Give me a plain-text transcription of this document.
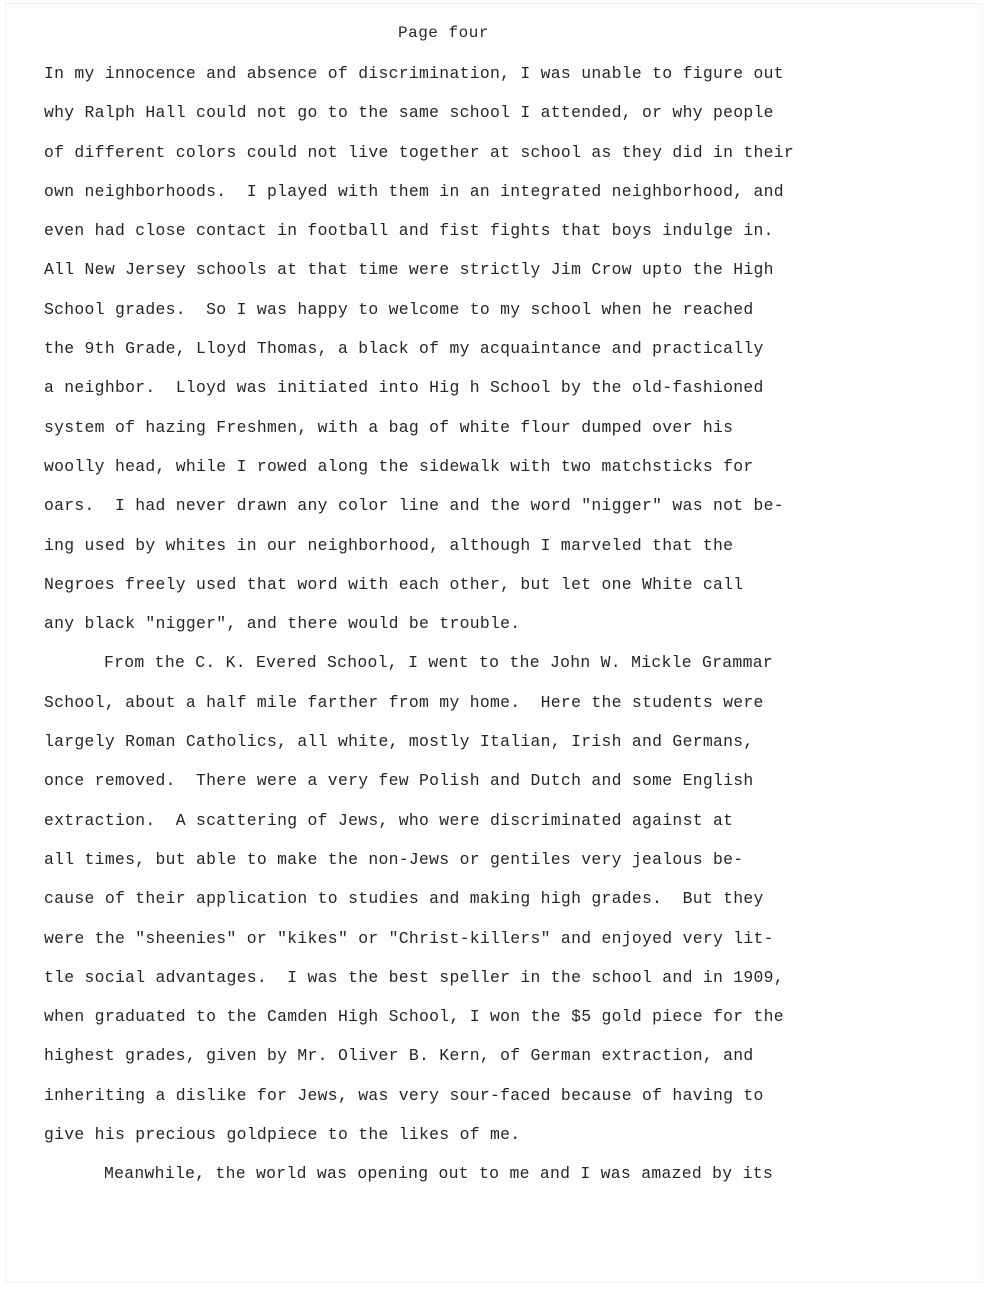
Page four
In my innocence and absence of discrimination, I was unable to figure out
why Ralph Hall could not go to the same school I attended, or why people
of different colors could not live together at school as they did in their
own neighborhoods.  I played with them in an integrated neighborhood, and
even had close contact in football and fist fights that boys indulge in.
All New Jersey schools at that time were strictly Jim Crow upto the High
School grades.  So I was happy to welcome to my school when he reached
the 9th Grade, Lloyd Thomas, a black of my acquaintance and practically
a neighbor.  Lloyd was initiated into Hig h School by the old-fashioned
system of hazing Freshmen, with a bag of white flour dumped over his
woolly head, while I rowed along the sidewalk with two matchsticks for
oars.  I had never drawn any color line and the word "nigger" was not be-
ing used by whites in our neighborhood, although I marveled that the
Negroes freely used that word with each other, but let one White call
any black "nigger", and there would be trouble.
From the C. K. Evered School, I went to the John W. Mickle Grammar
School, about a half mile farther from my home.  Here the students were
largely Roman Catholics, all white, mostly Italian, Irish and Germans,
once removed.  There were a very few Polish and Dutch and some English
extraction.  A scattering of Jews, who were discriminated against at
all times, but able to make the non-Jews or gentiles very jealous be-
cause of their application to studies and making high grades.  But they
were the "sheenies" or "kikes" or "Christ-killers" and enjoyed very lit-
tle social advantages.  I was the best speller in the school and in 1909,
when graduated to the Camden High School, I won the $5 gold piece for the
highest grades, given by Mr. Oliver B. Kern, of German extraction, and
inheriting a dislike for Jews, was very sour-faced because of having to
give his precious goldpiece to the likes of me.
Meanwhile, the world was opening out to me and I was amazed by its
